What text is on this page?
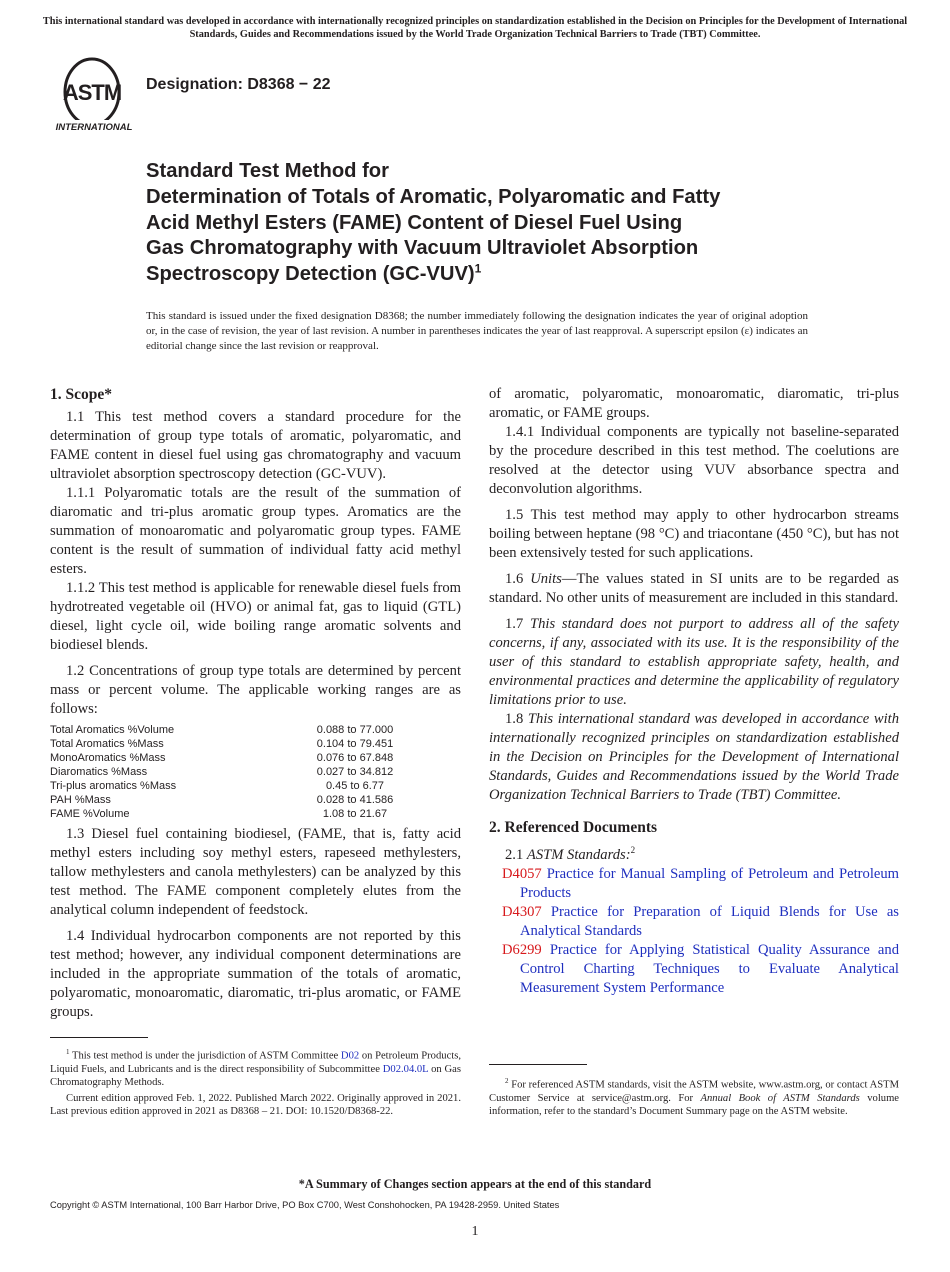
This international standard was developed in accordance with internationally recognized principles on standardization established in the Decision on Principles for the Development of International Standards, Guides and Recommendations issued by the World Trade Organization Technical Barriers to Trade (TBT) Committee.
ASTM
INTERNATIONAL
Designation: D8368 − 22
Standard Test Method for
Determination of Totals of Aromatic, Polyaromatic and Fatty
Acid Methyl Esters (FAME) Content of Diesel Fuel Using
Gas Chromatography with Vacuum Ultraviolet Absorption
Spectroscopy Detection $(GC-VUV)^1$
This standard is issued under the fixed designation D8368; the number immediately following the designation indicates the year of original adoption or, in the case of revision, the year of last revision. A number in parentheses indicates the year of last reapproval. A superscript epsilon (ε) indicates an editorial change since the last revision or reapproval.
1. Scope*

1.1 This test method covers a standard procedure for the determination of group type totals of aromatic, polyaromatic, and FAME content in diesel fuel using gas chromatography and vacuum ultraviolet absorption spectroscopy detection (GC-VUV).

1.1.1 Polyaromatic totals are the result of the summation of diaromatic and tri-plus aromatic group types. Aromatics are the summation of monoaromatic and polyaromatic group types. FAME content is the result of summation of individual fatty acid methyl esters.

1.1.2 This test method is applicable for renewable diesel fuels from hydrotreated vegetable oil (HVO) or animal fat, gas to liquid (GTL) diesel, light cycle oil, wide boiling range aromatic solvents and biodiesel blends.

1.2 Concentrations of group type totals are determined by percent mass or percent volume. The applicable working ranges are as follows:

Total Aromatics %Volume	0.088 to 77.000
Total Aromatics %Mass	0.104 to 79.451
MonoAromatics %Mass	0.076 to 67.848
Diaromatics %Mass	0.027 to 34.812
Tri-plus aromatics %Mass	0.45 to 6.77
PAH %Mass	0.028 to 41.586
FAME %Volume	1.08 to 21.67

1.3 Diesel fuel containing biodiesel, (FAME, that is, fatty acid methyl esters including soy methyl esters, rapeseed methylesters, tallow methylesters and canola methylesters) can be analyzed by this test method. The FAME component completely elutes from the analytical column independent of feedstock.

1.4 Individual hydrocarbon components are not reported by this test method; however, any individual component determinations are included in the appropriate summation of the totals of aromatic, polyaromatic, monoaromatic, diaromatic, tri-plus aromatic, or FAME groups.

$^1$ This test method is under the jurisdiction of ASTM Committee D02 on Petroleum Products, Liquid Fuels, and Lubricants and is the direct responsibility of Subcommittee D02.04.0L on Gas Chromatography Methods.

Current edition approved Feb. 1, 2022. Published March 2022. Originally approved in 2021. Last previous edition approved in 2021 as D8368 – 21. DOI: 10.1520/D8368-22.

of aromatic, polyaromatic, monoaromatic, diaromatic, tri-plus aromatic, or FAME groups.

1.4.1 Individual components are typically not baseline-separated by the procedure described in this test method. The coelutions are resolved at the detector using VUV absorbance spectra and deconvolution algorithms.

1.5 This test method may apply to other hydrocarbon streams boiling between heptane (98 °C) and triacontane (450 °C), but has not been extensively tested for such applications.

1.6 Units—The values stated in SI units are to be regarded as standard. No other units of measurement are included in this standard.

1.7 This standard does not purport to address all of the safety concerns, if any, associated with its use. It is the responsibility of the user of this standard to establish appropriate safety, health, and environmental practices and determine the applicability of regulatory limitations prior to use.

1.8 This international standard was developed in accordance with internationally recognized principles on standardization established in the Decision on Principles for the Development of International Standards, Guides and Recommendations issued by the World Trade Organization Technical Barriers to Trade (TBT) Committee.

2. Referenced Documents

2.1 ASTM Standards:$^2$

D4057 Practice for Manual Sampling of Petroleum and Petroleum Products

D4307 Practice for Preparation of Liquid Blends for Use as Analytical Standards

D6299 Practice for Applying Statistical Quality Assurance and Control Charting Techniques to Evaluate Analytical Measurement System Performance

$^2$ For referenced ASTM standards, visit the ASTM website, www.astm.org, or contact ASTM Customer Service at service@astm.org. For Annual Book of ASTM Standards volume information, refer to the standard’s Document Summary page on the ASTM website.

*A Summary of Changes section appears at the end of this standard
Copyright © ASTM International, 100 Barr Harbor Drive, PO Box C700, West Conshohocken, PA 19428-2959. United States
1
